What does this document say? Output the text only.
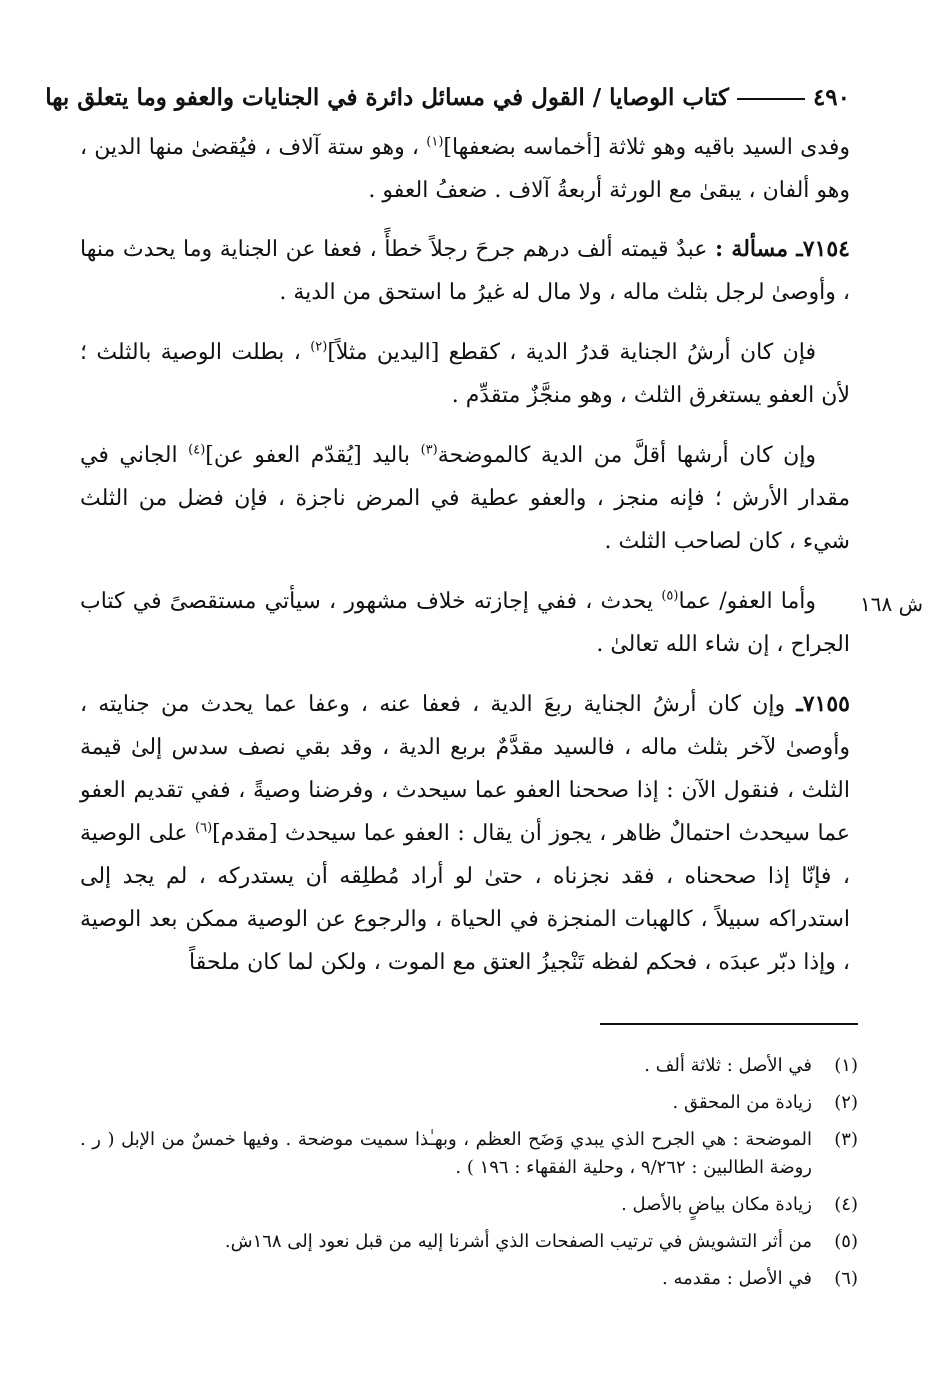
٤٩٠كتاب الوصايا / القول في مسائل دائرة في الجنايات والعفو وما يتعلق بها
ش ١٦٨

وفدى السيد باقيه وهو ثلاثة [أخماسه بضعفها]$^{(١)}$ ، وهو ستة آلاف ، فيُقضىٰ منها الدين ، وهو ألفان ، يبقىٰ مع الورثة أربعةُ آلاف . ضعفُ العفو .

٧١٥٤ـ مسألة : عبدٌ قيمته ألف درهم جرحَ رجلاً خطأً ، فعفا عن الجناية وما يحدث منها ، وأوصىٰ لرجل بثلث ماله ، ولا مال له غيرُ ما استحق من الدية .

فإن كان أرشُ الجناية قدرُ الدية ، كقطع [اليدين مثلاً]$^{(٢)}$ ، بطلت الوصية بالثلث ؛ لأن العفو يستغرق الثلث ، وهو منجَّزٌ متقدِّم .

وإن كان أرشها أقلَّ من الدية كالموضحة$^{(٣)}$ باليد [يُقدّم العفو عن]$^{(٤)}$ الجاني في مقدار الأرش ؛ فإنه منجز ، والعفو عطية في المرض ناجزة ، فإن فضل من الثلث شيء ، كان لصاحب الثلث .

وأما العفو/ عما$^{(٥)}$ يحدث ، ففي إجازته خلاف مشهور ، سيأتي مستقصىً في كتاب الجراح ، إن شاء الله تعالىٰ .

٧١٥٥ـ وإن كان أرشُ الجناية ربعَ الدية ، فعفا عنه ، وعفا عما يحدث من جنايته ، وأوصىٰ لآخر بثلث ماله ، فالسيد مقدَّمٌ بربع الدية ، وقد بقي نصف سدس إلىٰ قيمة الثلث ، فنقول الآن : إذا صححنا العفو عما سيحدث ، وفرضنا وصيةً ، ففي تقديم العفو عما سيحدث احتمالٌ ظاهر ، يجوز أن يقال : العفو عما سيحدث [مقدم]$^{(٦)}$ على الوصية ، فإنّا إذا صححناه ، فقد نجزناه ، حتىٰ لو أراد مُطلِقه أن يستدركه ، لم يجد إلى استدراكه سبيلاً ، كالهبات المنجزة في الحياة ، والرجوع عن الوصية ممكن بعد الوصية ، وإذا دبّر عبدَه ، فحكم لفظه تَنْجيزُ العتق مع الموت ، ولكن لما كان ملحقاً

(١)
في الأصل : ثلاثة ألف .
(٢)
زيادة من المحقق .
(٣)
الموضحة : هي الجرح الذي يبدي وَضَح العظم ، وبهـٰذا سميت موضحة . وفيها خمسٌ من الإبل ( ر . روضة الطالبين : ٩/٢٦٢ ، وحلية الفقهاء : ١٩٦ ) .
(٤)
زيادة مكان بياضٍ بالأصل .
(٥)
من أثر التشويش في ترتيب الصفحات الذي أشرنا إليه من قبل نعود إلى ١٦٨ش.
(٦)
في الأصل : مقدمه .
